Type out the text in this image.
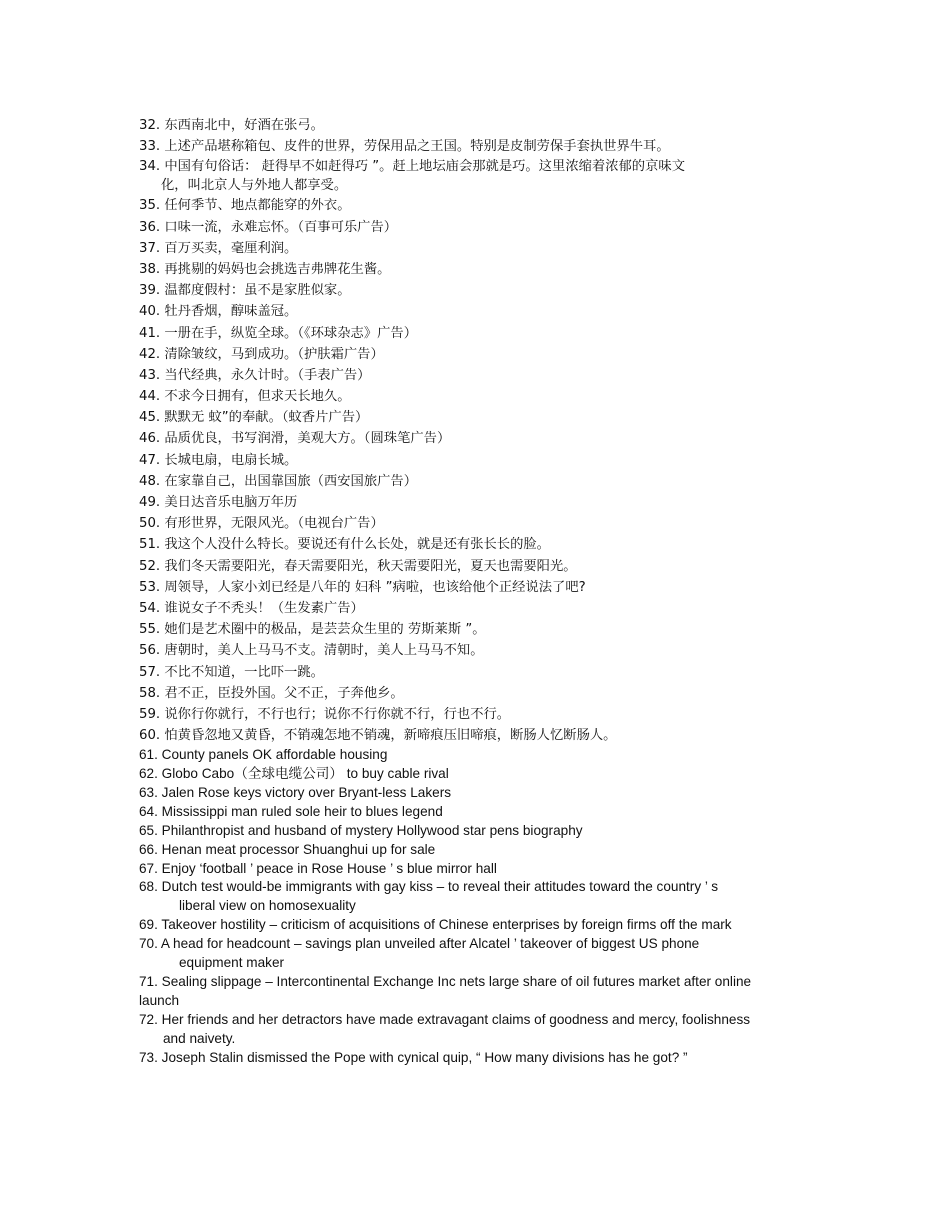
32. 东西南北中，好酒在张弓。
33. 上述产品堪称箱包、皮件的世界，劳保用品之王国。特别是皮制劳保手套执世界牛耳。
34. 中国有句俗话： 赶得早不如赶得巧 ”。赶上地坛庙会那就是巧。这里浓缩着浓郁的京味文
化，叫北京人与外地人都享受。
35. 任何季节、地点都能穿的外衣。
36. 口味一流，永难忘怀。（百事可乐广告）
37. 百万买卖，毫厘利润。
38. 再挑剔的妈妈也会挑选吉弗牌花生酱。
39. 温都度假村：虽不是家胜似家。
40. 牡丹香烟，醇味盖冠。
41. 一册在手，纵览全球。（《环球杂志》广告）
42. 清除皱纹，马到成功。（护肤霜广告）
43. 当代经典，永久计时。（手表广告）
44. 不求今日拥有，但求天长地久。
45. 默默无 蚊”的奉献。（蚊香片广告）
46. 品质优良，书写润滑，美观大方。（圆珠笔广告）
47. 长城电扇，电扇长城。
48. 在家靠自己，出国靠国旅（西安国旅广告）
49. 美日达音乐电脑万年历
50. 有形世界，无限风光。（电视台广告）
51. 我这个人没什么特长。要说还有什么长处，就是还有张长长的脸。
52. 我们冬天需要阳光，春天需要阳光，秋天需要阳光，夏天也需要阳光。
53. 周领导，人家小刘已经是八年的 妇科 ”病啦，也该给他个正经说法了吧?
54. 谁说女子不秃头！（生发素广告）
55. 她们是艺术圈中的极品，是芸芸众生里的 劳斯莱斯 ”。
56. 唐朝时，美人上马马不支。清朝时，美人上马马不知。
57. 不比不知道，一比吓一跳。
58. 君不正，臣投外国。父不正，子奔他乡。
59. 说你行你就行，不行也行；说你不行你就不行，行也不行。
60. 怕黄昏忽地又黄昏，不销魂怎地不销魂，新啼痕压旧啼痕，断肠人忆断肠人。
61. County panels OK affordable housing
62. Globo Cabo（全球电缆公司） to buy cable rival
63. Jalen Rose keys victory over Bryant-less Lakers
64. Mississippi man ruled sole heir to blues legend
65. Philanthropist and husband of mystery Hollywood star pens biography
66. Henan meat processor Shuanghui up for sale
67. Enjoy ‘football ’ peace in Rose House ’ s blue mirror hall
68. Dutch test would-be immigrants with gay kiss – to reveal their attitudes toward the country ’ s
liberal view on homosexuality
69. Takeover hostility – criticism of acquisitions of Chinese enterprises by foreign firms off the mark
70. A head for headcount – savings plan unveiled after Alcatel ’ takeover of biggest US phone
equipment maker
71. Sealing slippage – Intercontinental Exchange Inc nets large share of oil futures market after online
launch
72. Her friends and her detractors have made extravagant claims of goodness and mercy, foolishness
and naivety.
73. Joseph Stalin dismissed the Pope with cynical quip, “ How many divisions has he got? ”
